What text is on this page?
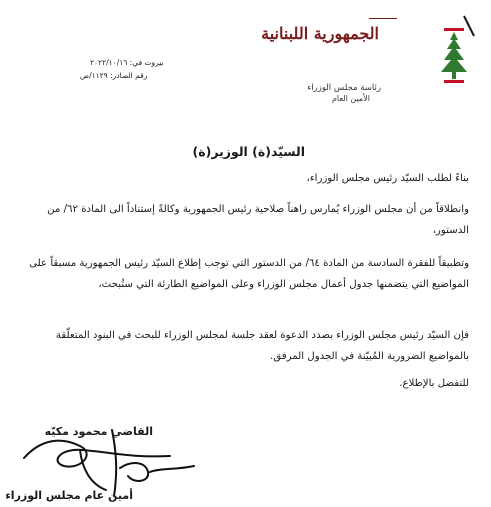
الجمهورية اللبنانية
رئاسة مجلس الوزراء
الأمين العام
بيروت في: ٢٠٢٢/١٠/١٦
رقم الصادر: ١١٢٩/ص
السيّد(ة) الوزير(ة)
بناءً لطلب السيّد رئيس مجلس الوزراء،
وانطلاقاً من أن مجلس الوزراء يُمارس راهناً صلاحية رئيس الجمهورية وكالةً إستناداً الى المادة ٦٢/ من الدستور،
وتطبيقاً للفقرة السادسة من المادة ٦٤/ من الدستور التي توجب إطلاع السيّد رئيس الجمهورية مسبقاً على المواضيع التي يتضمنها جدول أعمال مجلس الوزراء وعلى المواضيع الطارئة التي ستُبحث،
فإن السيّد رئيس مجلس الوزراء بصدد الدعوة لعقد جلسة لمجلس الوزراء للبحث في البنود المتعلّقة بالمواضيع الضرورية المُبيّنة في الجدول المرفق.
للتفضل بالإطلاع.
القاضي محمود مكيّه
أمين عام مجلس الوزراء
